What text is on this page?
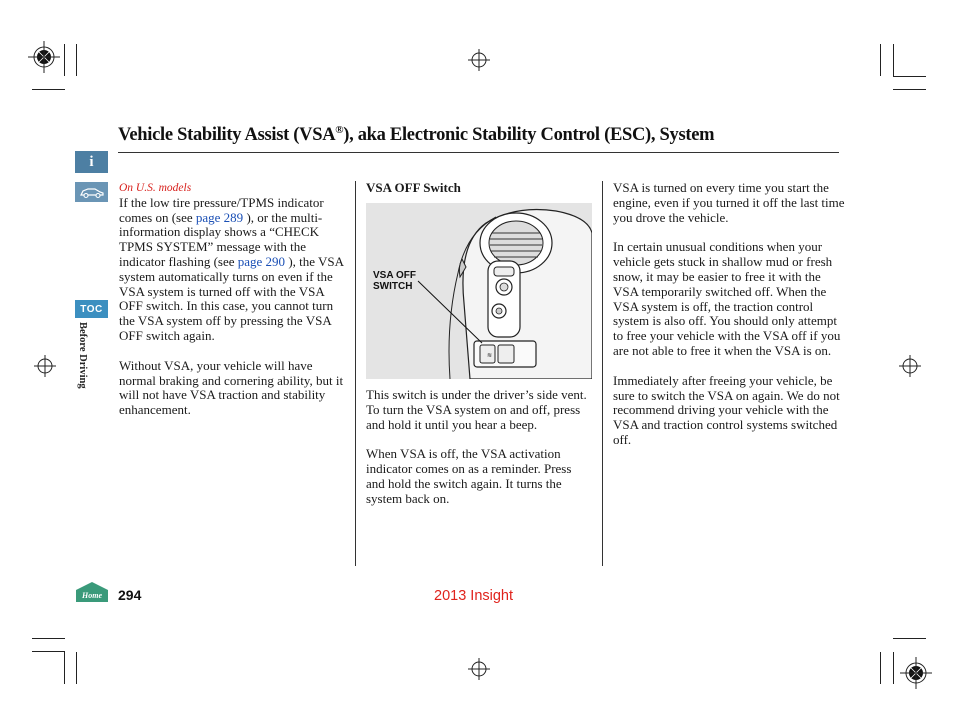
Vehicle Stability Assist (VSA®), aka Electronic Stability Control (ESC), System
i
TOC
Before Driving
On U.S. models

If the low tire pressure/TPMS indicator comes on (see page 289 ), or the multi-information display shows a “CHECK TPMS SYSTEM” message with the indicator flashing (see page 290 ), the VSA system automatically turns on even if the VSA system is turned off with the VSA OFF switch. In this case, you cannot turn the VSA system off by pressing the VSA OFF switch again.

Without VSA, your vehicle will have normal braking and cornering ability, but it will not have VSA traction and stability enhancement.

VSA OFF Switch
≋
VSA OFF
SWITCH

This switch is under the driver’s side vent. To turn the VSA system on and off, press and hold it until you hear a beep.

When VSA is off, the VSA activation indicator comes on as a reminder. Press and hold the switch again. It turns the system back on.

VSA is turned on every time you start the engine, even if you turned it off the last time you drove the vehicle.

In certain unusual conditions when your vehicle gets stuck in shallow mud or fresh snow, it may be easier to free it with the VSA temporarily switched off. When the VSA system is off, the traction control system is also off. You should only attempt to free your vehicle with the VSA off if you are not able to free it when the VSA is on.

Immediately after freeing your vehicle, be sure to switch the VSA on again. We do not recommend driving your vehicle with the VSA and traction control systems switched off.

Home 294	2013 Insight
